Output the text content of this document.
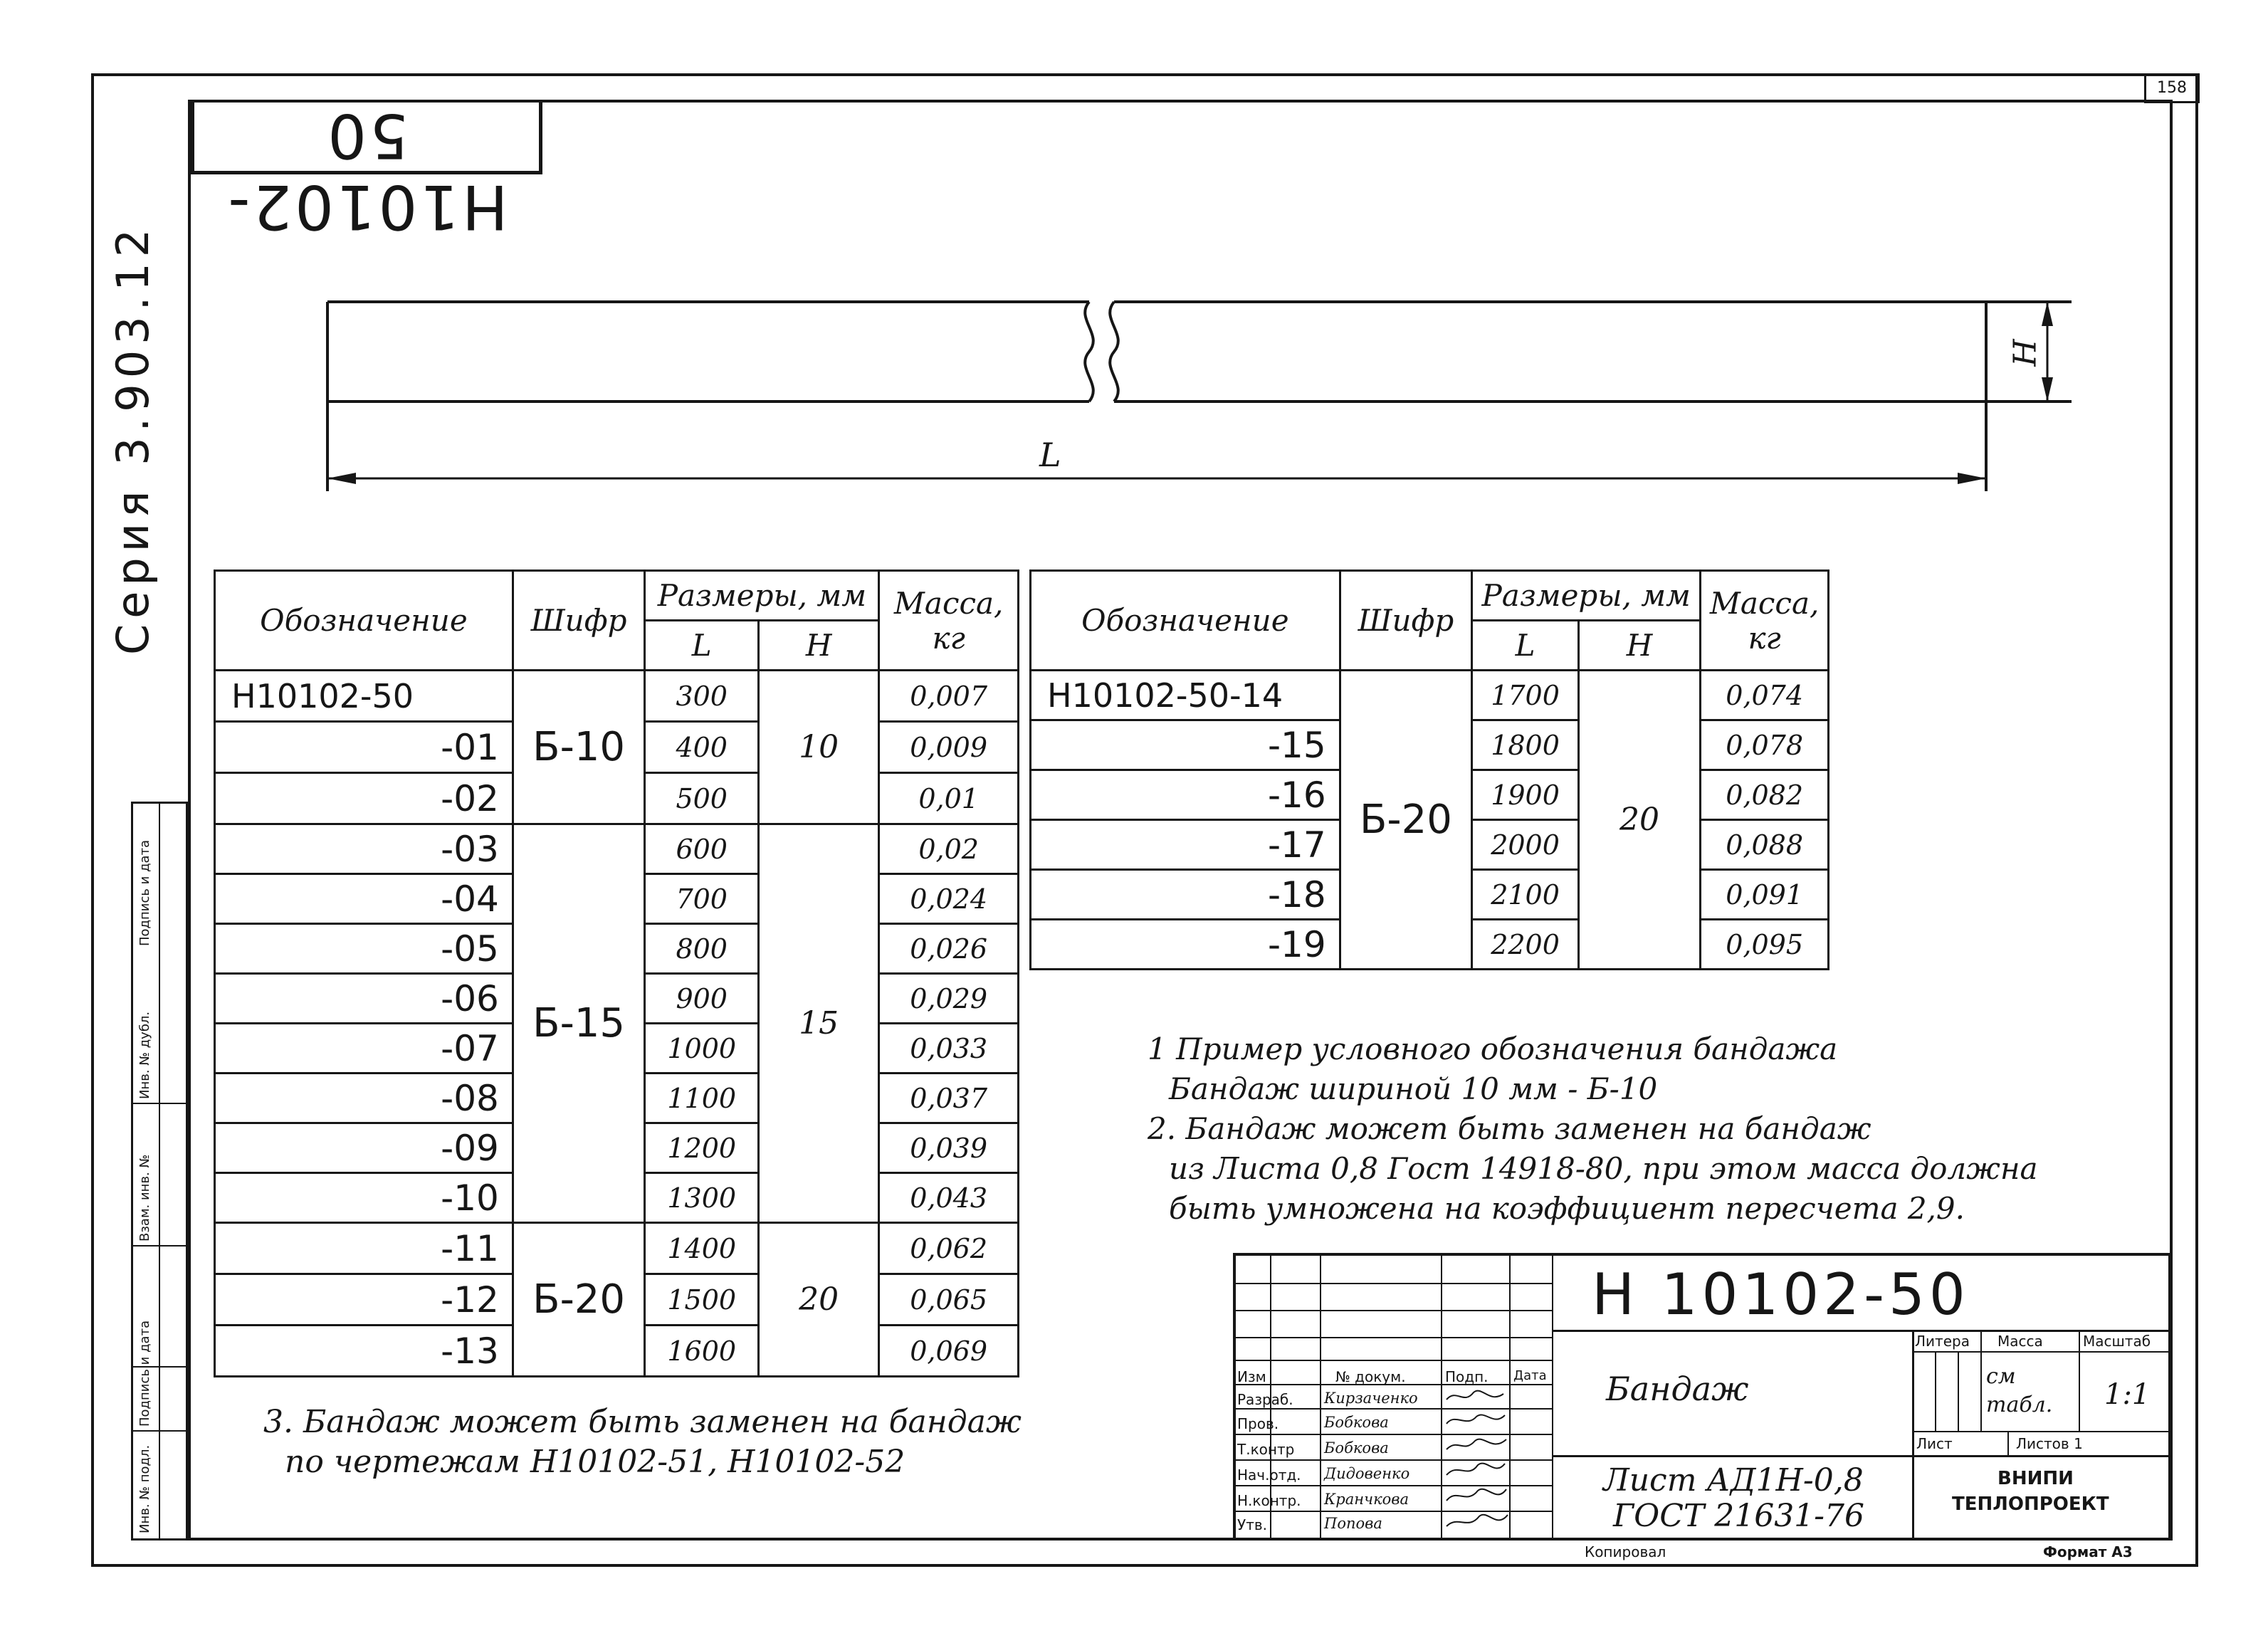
158
H10102-50
Серия 3.903.12	L
H
Обозначение	Шифр	Размеры, мм		Масса,
кг
		L	H	
H10102-50	Б-10	300	10	0,007
-01		400		0,009
-02		500		0,01
-03	Б-15	600	15	0,02
-04		700		0,024
-05		800		0,026
-06		900		0,029
-07		1000		0,033
-08		1100		0,037
-09		1200		0,039
-10		1300		0,043
-11	Б-20	1400	20	0,062
-12		1500		0,065
-13		1600		0,069
Обозначение	Шифр	Размеры, мм		Масса,
кг
		L	H	
H10102-50-14	Б-20	1700	20	0,074
-15		1800		0,078
-16		1900		0,082
-17		2000		0,088
-18		2100		0,091
-19		2200		0,095
1 Пример условного обозначения бандажа
Бандаж шириной 10 мм - Б-10
2. Бандаж может быть заменен на бандаж
из Листа 0,8 Гост 14918-80, при этом масса должна
быть умножена на коэффициент пересчета 2,9.
3. Бандаж может быть заменен на бандаж
по чертежам H10102-51, H10102-52
Инв. № подл.
Подпись и дата
Взам. инв. №
Инв. № дубл.
Подпись и дата
Изм	№ докум.	Подп. Дата
Разраб. Кирзаченко
Пров.	Бобкова
Т.контр Бобкова
Нач.отд. Дидовенко
Н.контр. Кранчкова
Утв.	Попова
H 10102-50
Бандаж
Лист АД1Н-0,8
ГОСТ 21631-76
Литера Масса	Масштаб
см табл.	1:1
Лист	Листов 1
ВНИПИ
ТЕПЛОПРОЕКТ
Копировал	Формат А3
